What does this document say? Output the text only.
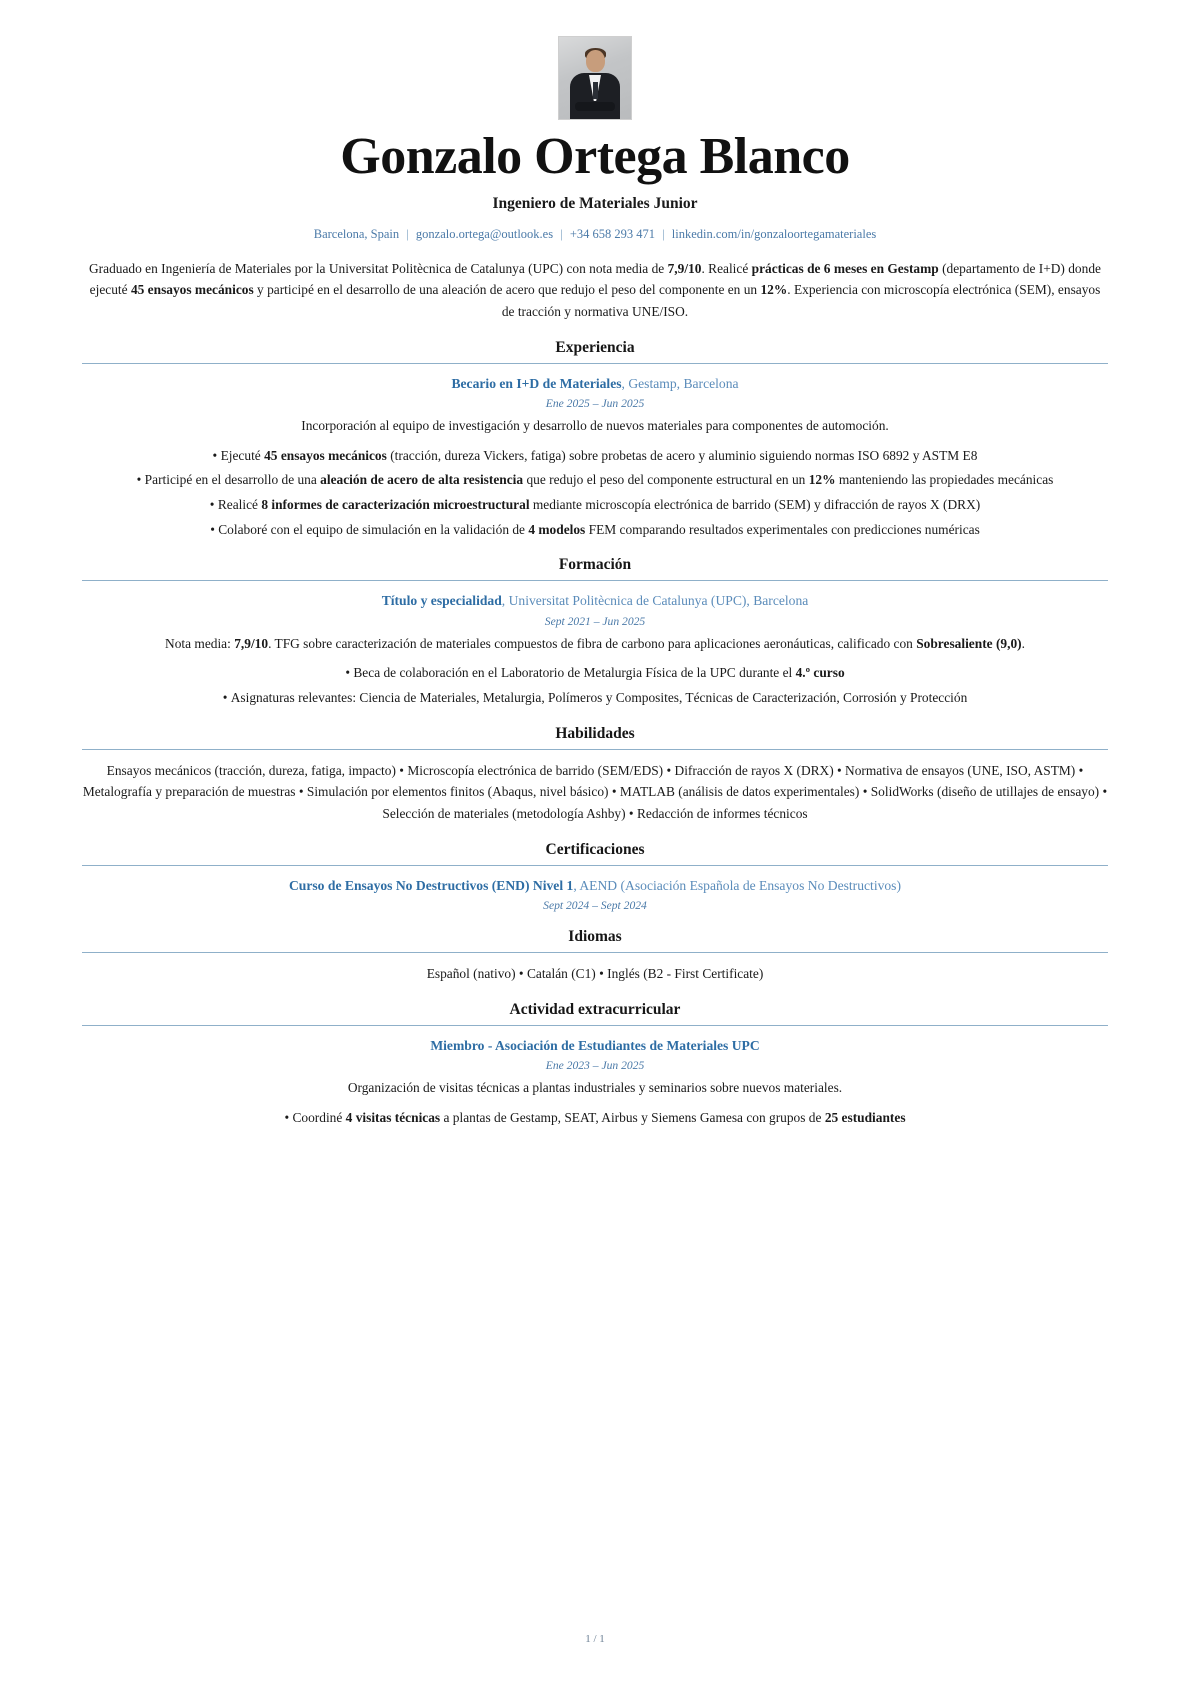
Gonzalo Ortega Blanco
Ingeniero de Materiales Junior
Barcelona, Spain | gonzalo.ortega@outlook.es | +34 658 293 471 | linkedin.com/in/gonzaloortegamateriales

Graduado en Ingeniería de Materiales por la Universitat Politècnica de Catalunya (UPC) con nota media de 7,9/10. Realicé prácticas de 6 meses en Gestamp (departamento de I+D) donde ejecuté 45 ensayos mecánicos y participé en el desarrollo de una aleación de acero que redujo el peso del componente en un 12%. Experiencia con microscopía electrónica (SEM), ensayos de tracción y normativa UNE/ISO.

Experiencia
Becario en I+D de Materiales, Gestamp, Barcelona
Ene 2025 – Jun 2025
Incorporación al equipo de investigación y desarrollo de nuevos materiales para componentes de automoción.
• Ejecuté 45 ensayos mecánicos (tracción, dureza Vickers, fatiga) sobre probetas de acero y aluminio siguiendo normas ISO 6892 y ASTM E8
• Participé en el desarrollo de una aleación de acero de alta resistencia que redujo el peso del componente estructural en un 12% manteniendo las propiedades mecánicas
• Realicé 8 informes de caracterización microestructural mediante microscopía electrónica de barrido (SEM) y difracción de rayos X (DRX)
• Colaboré con el equipo de simulación en la validación de 4 modelos FEM comparando resultados experimentales con predicciones numéricas
Formación
Título y especialidad, Universitat Politècnica de Catalunya (UPC), Barcelona
Sept 2021 – Jun 2025
Nota media: 7,9/10. TFG sobre caracterización de materiales compuestos de fibra de carbono para aplicaciones aeronáuticas, calificado con Sobresaliente (9,0).
• Beca de colaboración en el Laboratorio de Metalurgia Física de la UPC durante el 4.º curso
• Asignaturas relevantes: Ciencia de Materiales, Metalurgia, Polímeros y Composites, Técnicas de Caracterización, Corrosión y Protección
Habilidades
Ensayos mecánicos (tracción, dureza, fatiga, impacto) • Microscopía electrónica de barrido (SEM/EDS) • Difracción de rayos X (DRX) • Normativa de ensayos (UNE, ISO, ASTM) • Metalografía y preparación de muestras • Simulación por elementos finitos (Abaqus, nivel básico) • MATLAB (análisis de datos experimentales) • SolidWorks (diseño de utillajes de ensayo) • Selección de materiales (metodología Ashby) • Redacción de informes técnicos
Certificaciones
Curso de Ensayos No Destructivos (END) Nivel 1, AEND (Asociación Española de Ensayos No Destructivos)
Sept 2024 – Sept 2024
Idiomas
Español (nativo) • Catalán (C1) • Inglés (B2 - First Certificate)
Actividad extracurricular
Miembro - Asociación de Estudiantes de Materiales UPC
Ene 2023 – Jun 2025
Organización de visitas técnicas a plantas industriales y seminarios sobre nuevos materiales.
• Coordiné 4 visitas técnicas a plantas de Gestamp, SEAT, Airbus y Siemens Gamesa con grupos de 25 estudiantes
1 / 1
